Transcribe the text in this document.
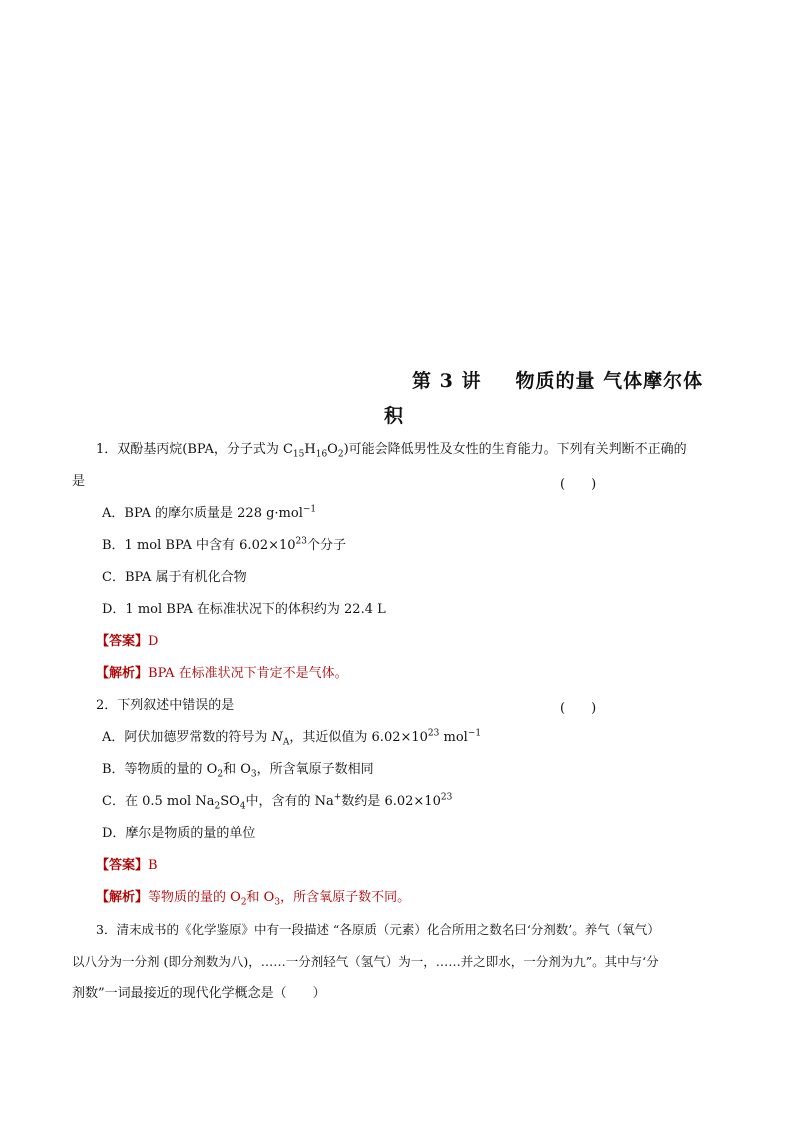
第 3 讲 物质的量 气体摩尔体
积
1．双酚基丙烷(BPA，分子式为 $C_{15}H_{16}O_2$)可能会降低男性及女性的生育能力。下列有关判断不正确的
是	(　　)
A．BPA 的摩尔质量是 228 g·mol$^{-1}$
B．1 mol BPA 中含有 $6.02\times 10^{23}$个分子
C．BPA 属于有机化合物
D．1 mol BPA 在标准状况下的体积约为 22.4 L
【答案】D
【解析】BPA 在标准状况下肯定不是气体。
2．下列叙述中错误的是	(　　)
A．阿伏加德罗常数的符号为 $N_A$，其近似值为 $6.02\times 10^{23}$ mol$^{-1}$
B．等物质的量的 $O_2$和 $O_3$，所含氧原子数相同
C．在 0.5 mol $Na_2SO_4$中，含有的 Na+数约是 $6.02\times 10^{23}$
D．摩尔是物质的量的单位
【答案】B
【解析】等物质的量的 $O_2$和 $O_3$，所含氧原子数不同。
3．清末成书的《化学鉴原》中有一段描述 “各原质（元素）化合所用之数名曰‘分剂数’。养气（氧气）
以八分为一分剂 (即分剂数为八)，……一分剂轻气（氢气）为一，……并之即水，一分剂为九”。其中与‘分
剂数”一词最接近的现代化学概念是（　　）
